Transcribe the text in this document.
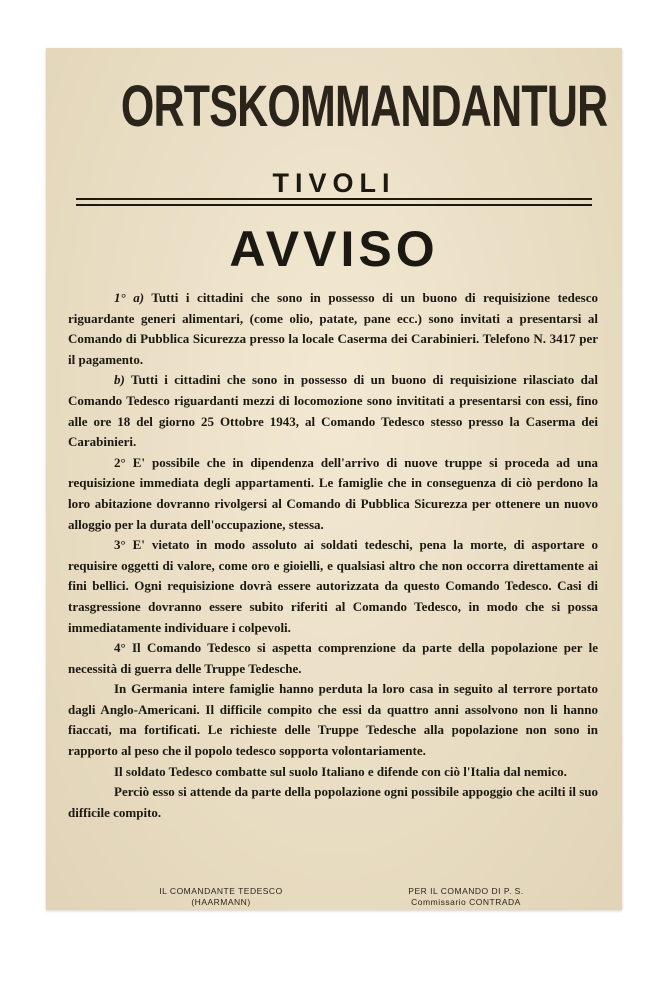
ORTSKOMMANDANTUR
TIVOLI
AVVISO

1° a) Tutti i cittadini che sono in possesso di un buono di requisizione tedesco riguardante generi alimentari, (come olio, patate, pane ecc.) sono invitati a presentarsi al Comando di Pubblica Sicurezza presso la locale Caserma dei Carabinieri. Telefono N. 3417 per il pagamento.

b) Tutti i cittadini che sono in possesso di un buono di requisizione rilasciato dal Comando Tedesco riguardanti mezzi di locomozione sono invititati a presentarsi con essi, fino alle ore 18 del giorno 25 Ottobre 1943, al Comando Tedesco stesso presso la Caserma dei Carabinieri.

2° E' possibile che in dipendenza dell'arrivo di nuove truppe si proceda ad una requisizione immediata degli appartamenti. Le famiglie che in conseguenza di ciò perdono la loro abitazione dovranno rivolgersi al Comando di Pubblica Sicurezza per ottenere un nuovo alloggio per la durata dell'occupazione, stessa.

3° E' vietato in modo assoluto ai soldati tedeschi, pena la morte, di asportare o requisire oggetti di valore, come oro e gioielli, e qualsiasi altro che non occorra direttamente ai fini bellici. Ogni requisizione dovrà essere autorizzata da questo Comando Tedesco. Casi di trasgressione dovranno essere subito riferiti al Comando Tedesco, in modo che si possa immediatamente individuare i colpevoli.

4° Il Comando Tedesco si aspetta comprenzione da parte della popolazione per le necessità di guerra delle Truppe Tedesche.

In Germania intere famiglie hanno perduta la loro casa in seguito al terrore portato dagli Anglo-Americani. Il difficile compito che essi da quattro anni assolvono non li hanno fiaccati, ma fortificati. Le richieste delle Truppe Tedesche alla popolazione non sono in rapporto al peso che il popolo tedesco sopporta volontariamente.

Il soldato Tedesco combatte sul suolo Italiano e difende con ciò l'Italia dal nemico.

Perciò esso si attende da parte della popolazione ogni possibile appoggio che acilti il suo difficile compito.

IL COMANDANTE TEDESCO
(HAARMANN)
PER IL COMANDO DI P. S.
Commissario CONTRADA
